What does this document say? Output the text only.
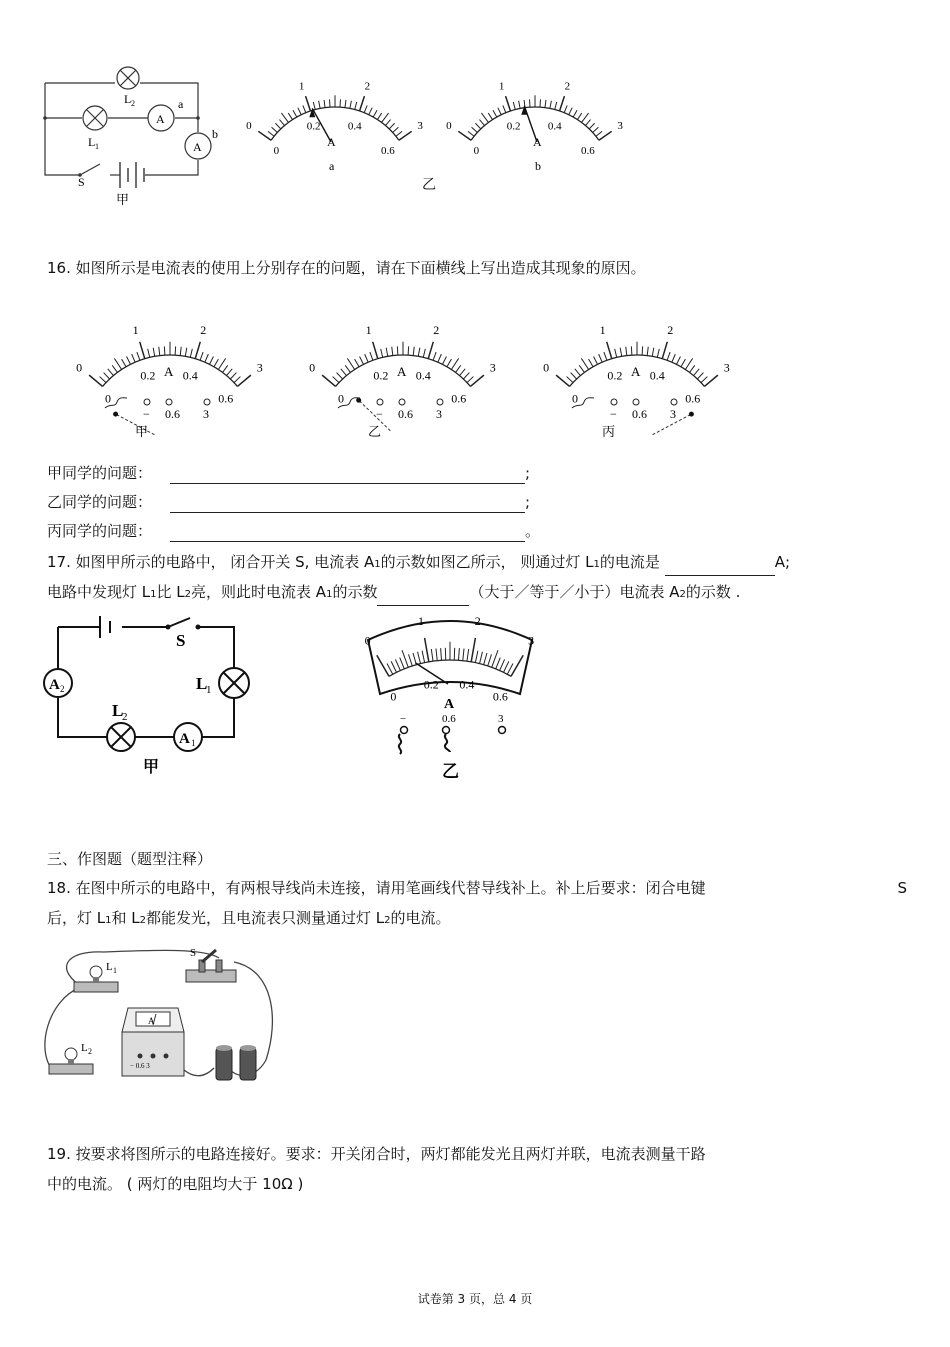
L 2
L 1
A
A
a
b
S
甲
a
0
1	2
3
0
0.2 0.4
0.6
A
b
0
1	2
3
0
0.2 0.4
0.6
A
乙
16. 如图所示是电流表的使用上分别存在的问题，请在下面横线上写出造成其现象的原因。
0
1	2
3
0
0.2 0.4
0.6
A
− 0.6 3
甲
0
1	2
3
0
0.2 0.4
0.6
A
− 0.6 3
乙
0
1	2
3
0
0.2 0.4
0.6
A
− 0.6 3
丙
甲同学的问题：	;
乙同学的问题：	;
丙同学的问题：	。
17. 如图甲所示的电路中， 闭合开关 S, 电流表 A1的示数如图乙所示， 则通过灯 L1的电流是	A;
电路中发现灯 L1比 L2亮，则此时电流表 A1的示数	（大于／等于／小于）电流表 A2的示数 .
S
L
1
L
2
A 2
A 1
甲
0
1	2
3
0
0.2 0.4
0.6
A
−	0.6	3
乙
三、作图题（题型注释）
18. 在图中所示的电路中，有两根导线尚未连接，请用笔画线代替导线补上。补上后要求：闭合电键	S
后，灯 L1和 L2都能发光，且电流表只测量通过灯 L2的电流。
L 1
L 2
S
A
− 0.6 3
19. 按要求将图所示的电路连接好。要求：开关闭合时，两灯都能发光且两灯并联，电流表测量干路
中的电流。 ( 两灯的电阻均大于 10Ω )
试卷第 3 页，总 4 页
